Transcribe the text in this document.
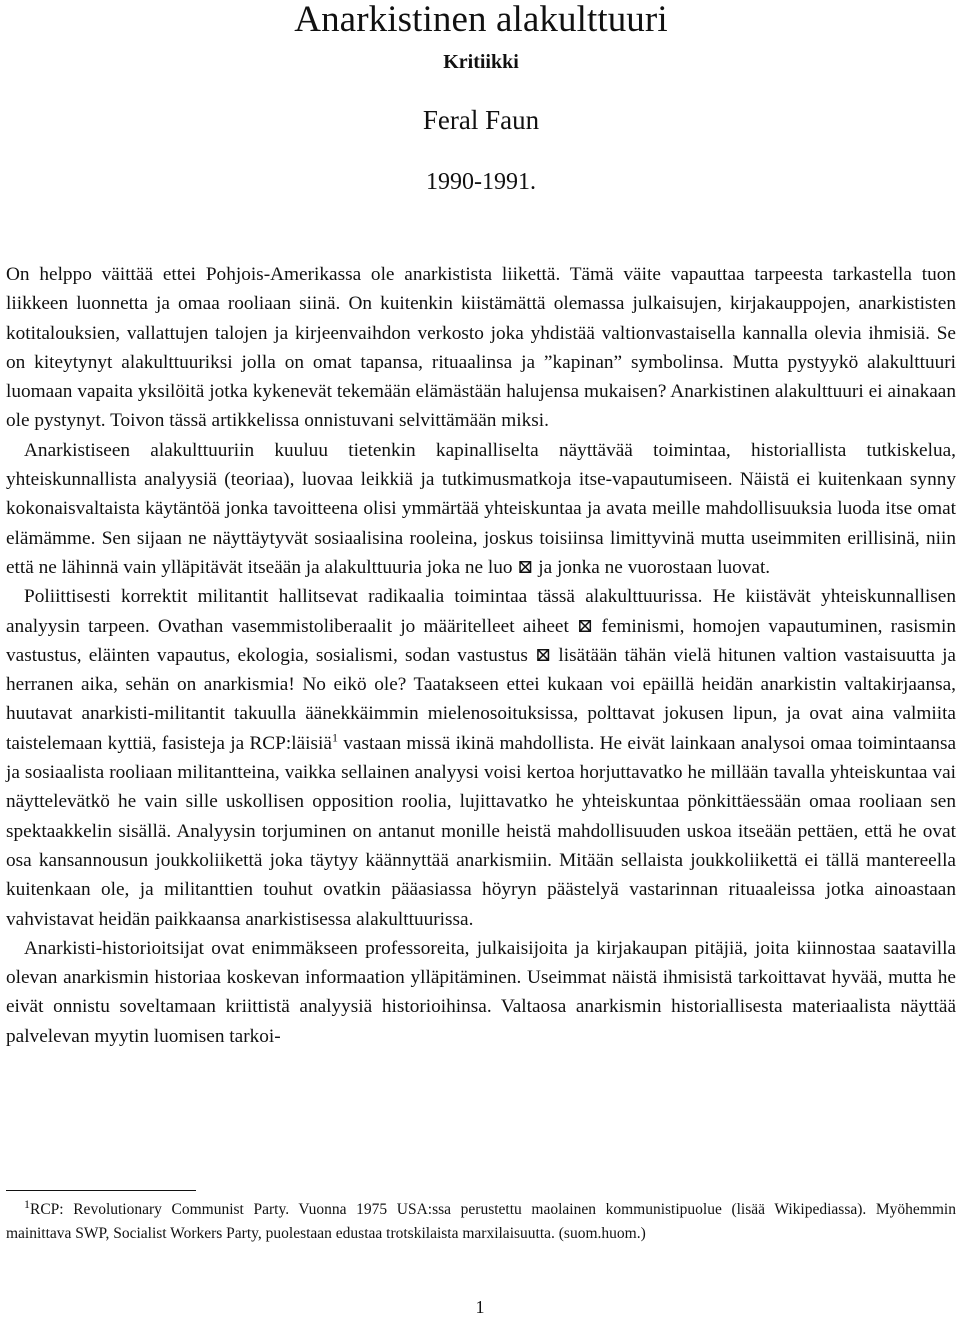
Anarkistinen alakulttuuri
Kritiikki
Feral Faun
1990-1991.

On helppo väittää ettei Pohjois-Amerikassa ole anarkistista liikettä. Tämä väite vapauttaa tarpeesta tarkastella tuon liikkeen luonnetta ja omaa rooliaan siinä. On kuitenkin kiistämättä olemassa julkaisujen, kirjakauppojen, anarkististen kotitalouksien, vallattujen talojen ja kirjeenvaihdon verkosto joka yhdistää valtionvastaisella kannalla olevia ihmisiä. Se on kiteytynyt alakulttuuriksi jolla on omat tapansa, rituaalinsa ja ”kapinan” symbolinsa. Mutta pystyykö alakulttuuri luomaan vapaita yksilöitä jotka kykenevät tekemään elämästään halujensa mukaisen? Anarkistinen alakulttuuri ei ainakaan ole pystynyt. Toivon tässä artikkelissa onnistuvani selvittämään miksi.

Anarkistiseen alakulttuuriin kuuluu tietenkin kapinalliselta näyttävää toimintaa, historiallista tutkiskelua, yhteiskunnallista analyysiä (teoriaa), luovaa leikkiä ja tutkimusmatkoja itse-vapautumiseen. Näistä ei kuitenkaan synny kokonaisvaltaista käytäntöä jonka tavoitteena olisi ymmärtää yhteiskuntaa ja avata meille mahdollisuuksia luoda itse omat elämämme. Sen sijaan ne näyttäytyvät sosiaalisina rooleina, joskus toisiinsa limittyvinä mutta useimmiten erillisinä, niin että ne lähinnä vain ylläpitävät itseään ja alakulttuuria joka ne luo ⊠ ja jonka ne vuorostaan luovat.

Poliittisesti korrektit militantit hallitsevat radikaalia toimintaa tässä alakulttuurissa. He kiistävät yhteiskunnallisen analyysin tarpeen. Ovathan vasemmistoliberaalit jo määritelleet aiheet ⊠ feminismi, homojen vapautuminen, rasismin vastustus, eläinten vapautus, ekologia, sosialismi, sodan vastustus ⊠ lisätään tähän vielä hitunen valtion vastaisuutta ja herranen aika, sehän on anarkismia! No eikö ole? Taatakseen ettei kukaan voi epäillä heidän anarkistin valtakirjaansa, huutavat anarkisti-militantit takuulla äänekkäimmin mielenosoituksissa, polttavat jokusen lipun, ja ovat aina valmiita taistelemaan kyttiä, fasisteja ja RCP:läisiä$^1$ vastaan missä ikinä mahdollista. He eivät lainkaan analysoi omaa toimintaansa ja sosiaalista rooliaan militantteina, vaikka sellainen analyysi voisi kertoa horjuttavatko he millään tavalla yhteiskuntaa vai näyttelevätkö he vain sille uskollisen opposition roolia, lujittavatko he yhteiskuntaa pönkittäessään omaa rooliaan sen spektaakkelin sisällä. Analyysin torjuminen on antanut monille heistä mahdollisuuden uskoa itseään pettäen, että he ovat osa kansannousun joukkoliikettä joka täytyy käännyttää anarkismiin. Mitään sellaista joukkoliikettä ei tällä mantereella kuitenkaan ole, ja militanttien touhut ovatkin pääasiassa höyryn päästelyä vastarinnan rituaaleissa jotka ainoastaan vahvistavat heidän paikkaansa anarkistisessa alakulttuurissa.

Anarkisti-historioitsijat ovat enimmäkseen professoreita, julkaisijoita ja kirjakaupan pitäjiä, joita kiinnostaa saatavilla olevan anarkismin historiaa koskevan informaation ylläpitäminen. Useimmat näistä ihmisistä tarkoittavat hyvää, mutta he eivät onnistu soveltamaan kriittistä analyysiä historioihinsa. Valtaosa anarkismin historiallisesta materiaalista näyttää palvelevan myytin luomisen tarkoi-

$^1$RCP: Revolutionary Communist Party. Vuonna 1975 USA:ssa perustettu maolainen kommunistipuolue (lisää Wikipediassa). Myöhemmin mainittava SWP, Socialist Workers Party, puolestaan edustaa trotskilaista marxilaisuutta. (suom.huom.)

1
